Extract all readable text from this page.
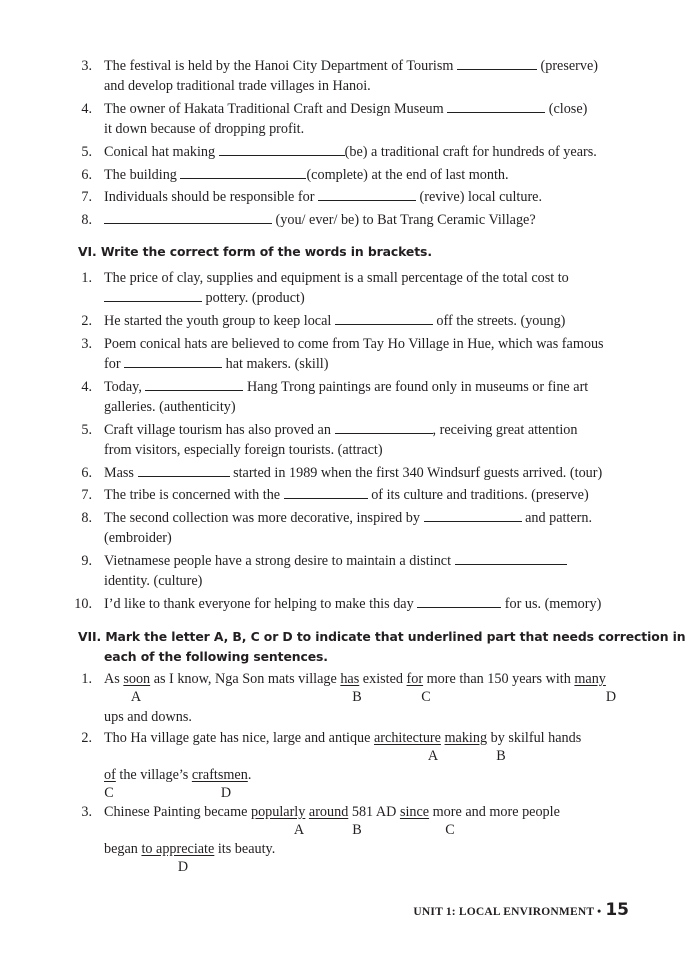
3. The festival is held by the Hanoi City Department of Tourism	(preserve)
and develop traditional trade villages in Hanoi.
4. The owner of Hakata Traditional Craft and Design Museum	(close)
it down because of dropping profit.
5. Conical hat making	(be) a traditional craft for hundreds of years.
6. The building	(complete) at the end of last month.
7. Individuals should be responsible for	(revive) local culture.
8.	(you/ ever/ be) to Bat Trang Ceramic Village?
VI. Write the correct form of the words in brackets.
1. The price of clay, supplies and equipment is a small percentage of the total cost to
pottery. (product)
2. He started the youth group to keep local	off the streets. (young)
3. Poem conical hats are believed to come from Tay Ho Village in Hue, which was famous
for	hat makers. (skill)
4. Today,	Hang Trong paintings are found only in museums or fine art
galleries. (authenticity)
5. Craft village tourism has also proved an	, receiving great attention
from visitors, especially foreign tourists. (attract)
6. Mass	started in 1989 when the first 340 Windsurf guests arrived. (tour)
7. The tribe is concerned with the	of its culture and traditions. (preserve)
8. The second collection was more decorative, inspired by	and pattern.
(embroider)
9. Vietnamese people have a strong desire to maintain a distinct
identity. (culture)
10. I’d like to thank everyone for helping to make this day	for us. (memory)
VII. Mark the letter A, B, C or D to indicate that underlined part that needs correction in
each of the following sentences.
1. As soon as I know, Nga Son mats village has existed for more than 150 years with many
A	B	C	D
ups and downs.
2. Tho Ha village gate has nice, large and antique architecture making by skilful hands
A	B
of the village’s craftsmen.
C	D
3. Chinese Painting became popularly around 581 AD since more and more people
A	B	C
began to appreciate its beauty.
D
UNIT 1: LOCAL ENVIRONMENT • 15
